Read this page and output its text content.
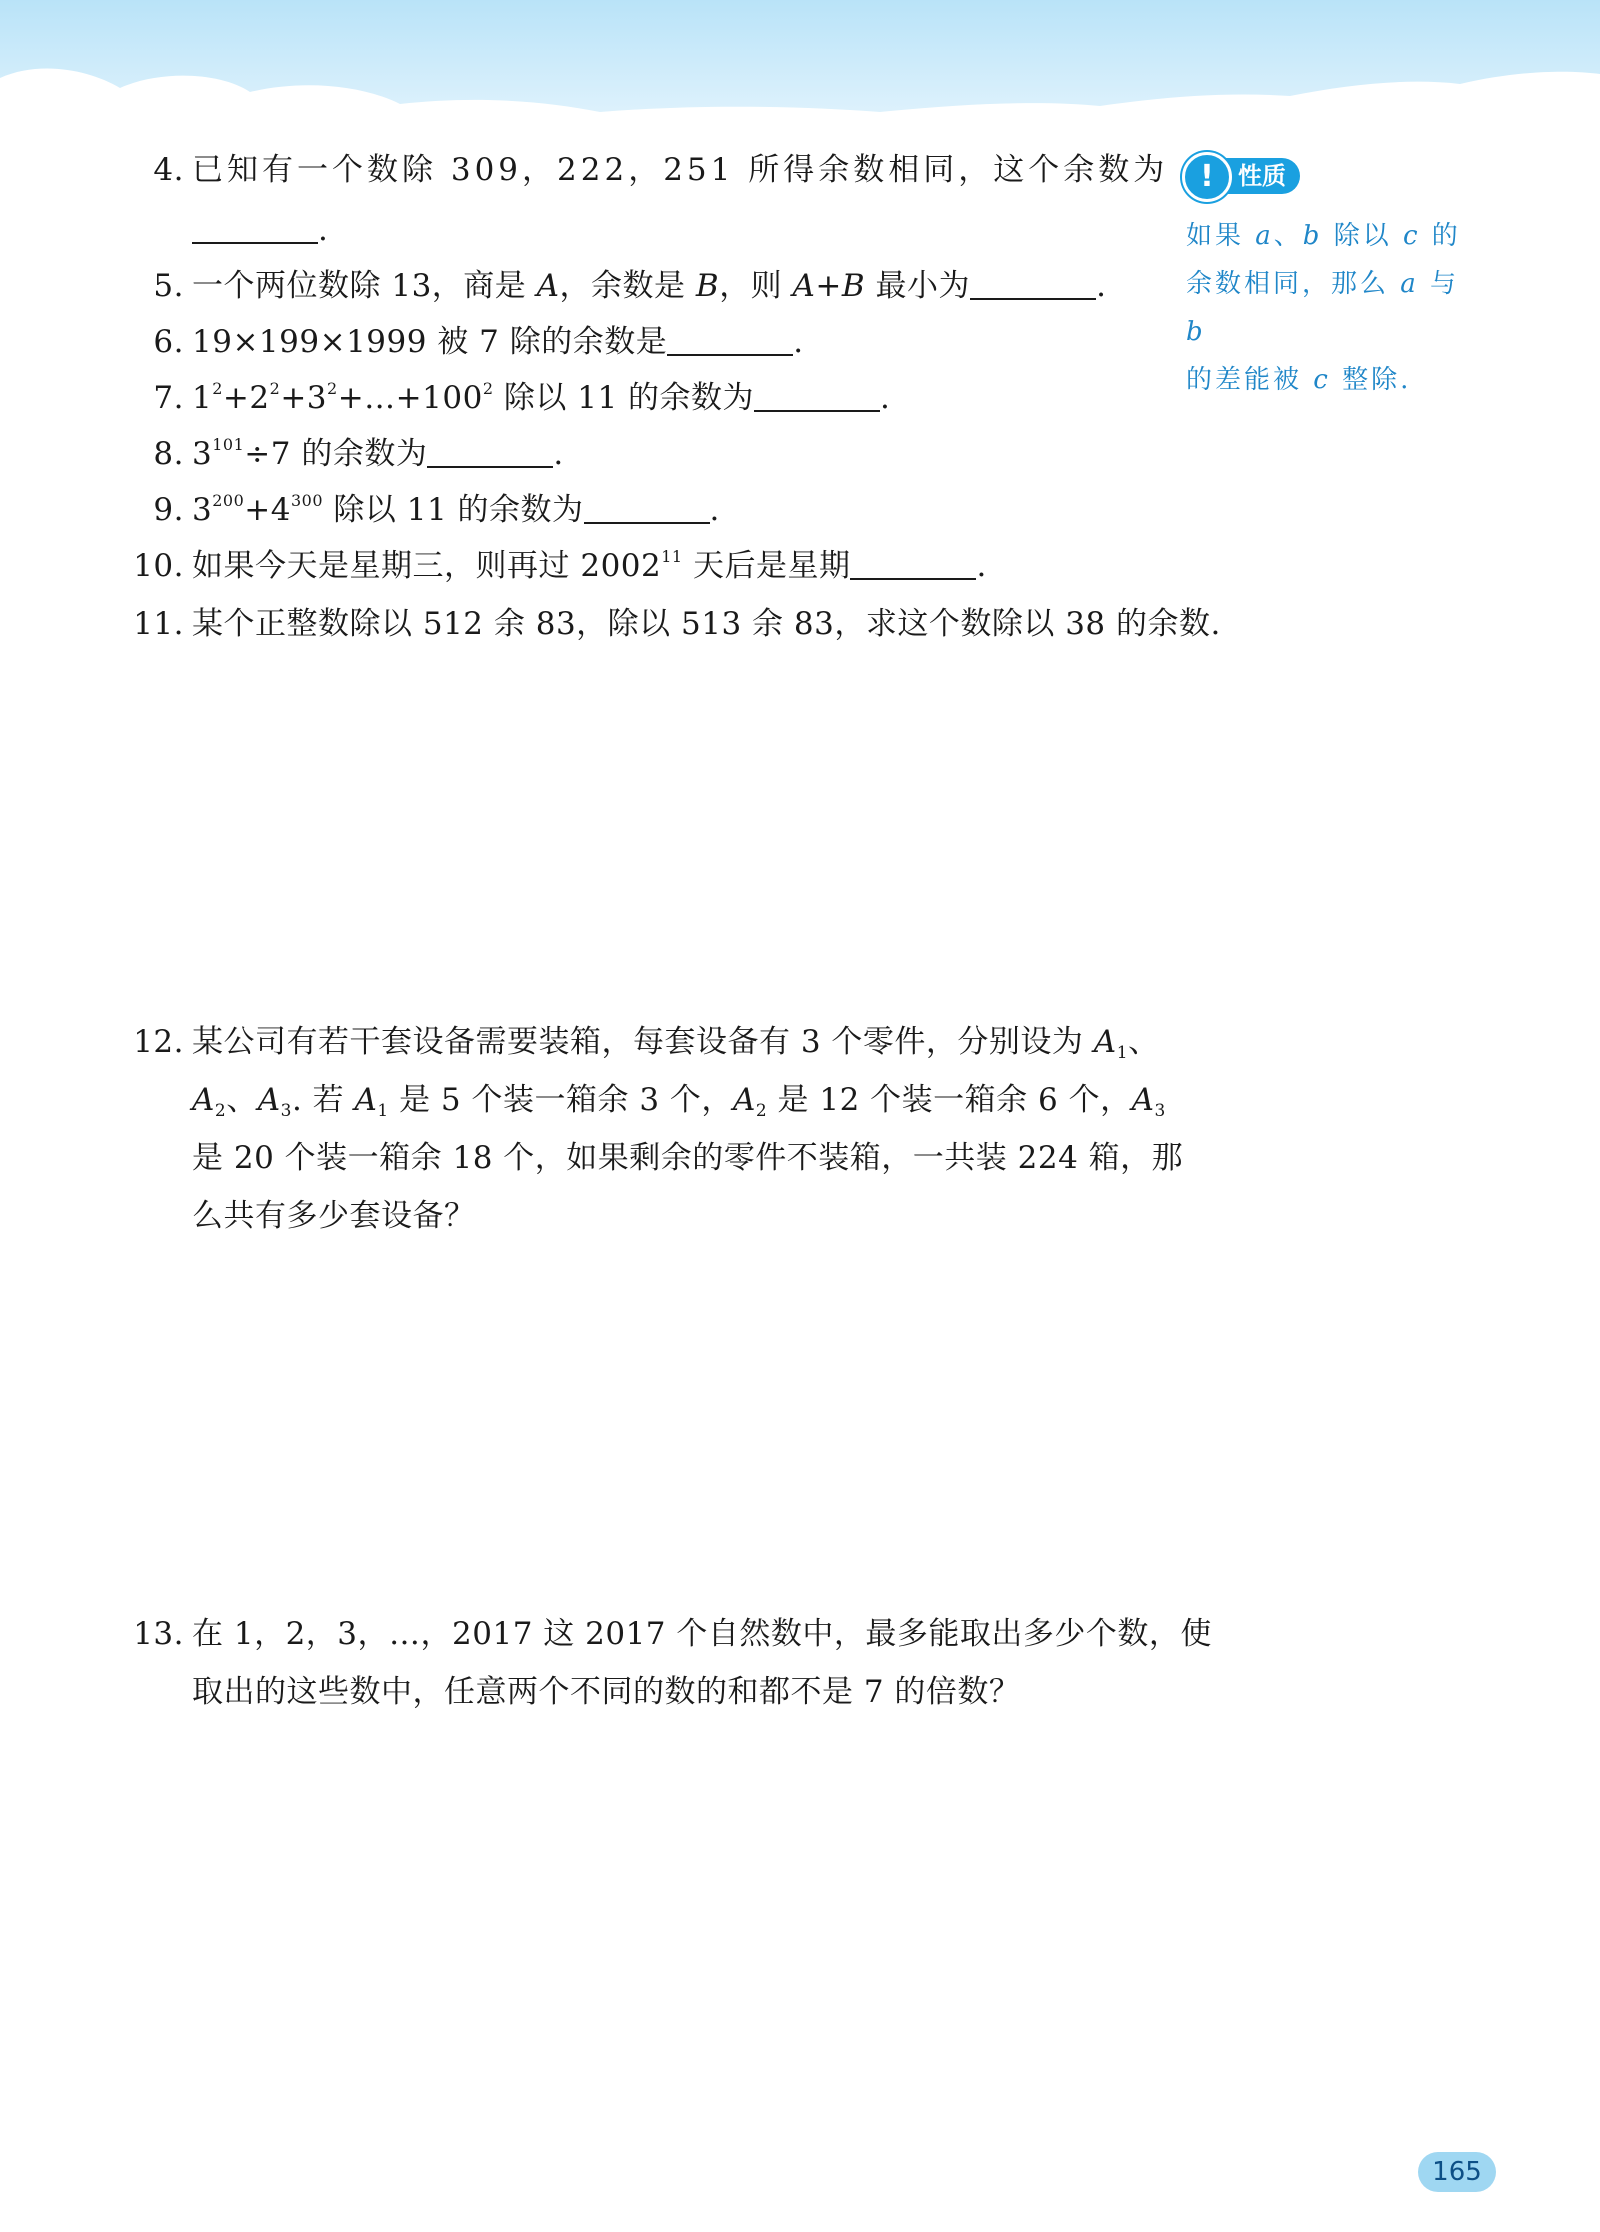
4. 已知有一个数除 309，222，251 所得余数相同，这个余数为
.
5. 一个两位数除 13，商是 A，余数是 B，则 A+B 最小为	.
6. 19×199×1999 被 7 除的余数是	.
7. $1^2+2^2+3^2+\dots+100^2$ 除以 11 的余数为	.
8. $3^{101}\div 7$ 的余数为	.
9. $3^{200}+4^{300}$ 除以 11 的余数为	.
10. 如果今天是星期三，则再过 2002$^{11}$ 天后是星期	.
11. 某个正整数除以 512 余 83，除以 513 余 83，求这个数除以 38 的余数.
12. 某公司有若干套设备需要装箱，每套设备有 3 个零件，分别设为 $A_1$、
$A_2$、$A_3$. 若 $A_1$ 是 5 个装一箱余 3 个，$A_2$ 是 12 个装一箱余 6 个，$A_3$
是 20 个装一箱余 18 个，如果剩余的零件不装箱，一共装 224 箱，那
么共有多少套设备？
13. 在 1，2，3，…，2017 这 2017 个自然数中，最多能取出多少个数，使
取出的这些数中，任意两个不同的数的和都不是 7 的倍数？
性质
!
如果 a、b 除以 c 的
余数相同，那么 a 与 b
的差能被 c 整除.
165
